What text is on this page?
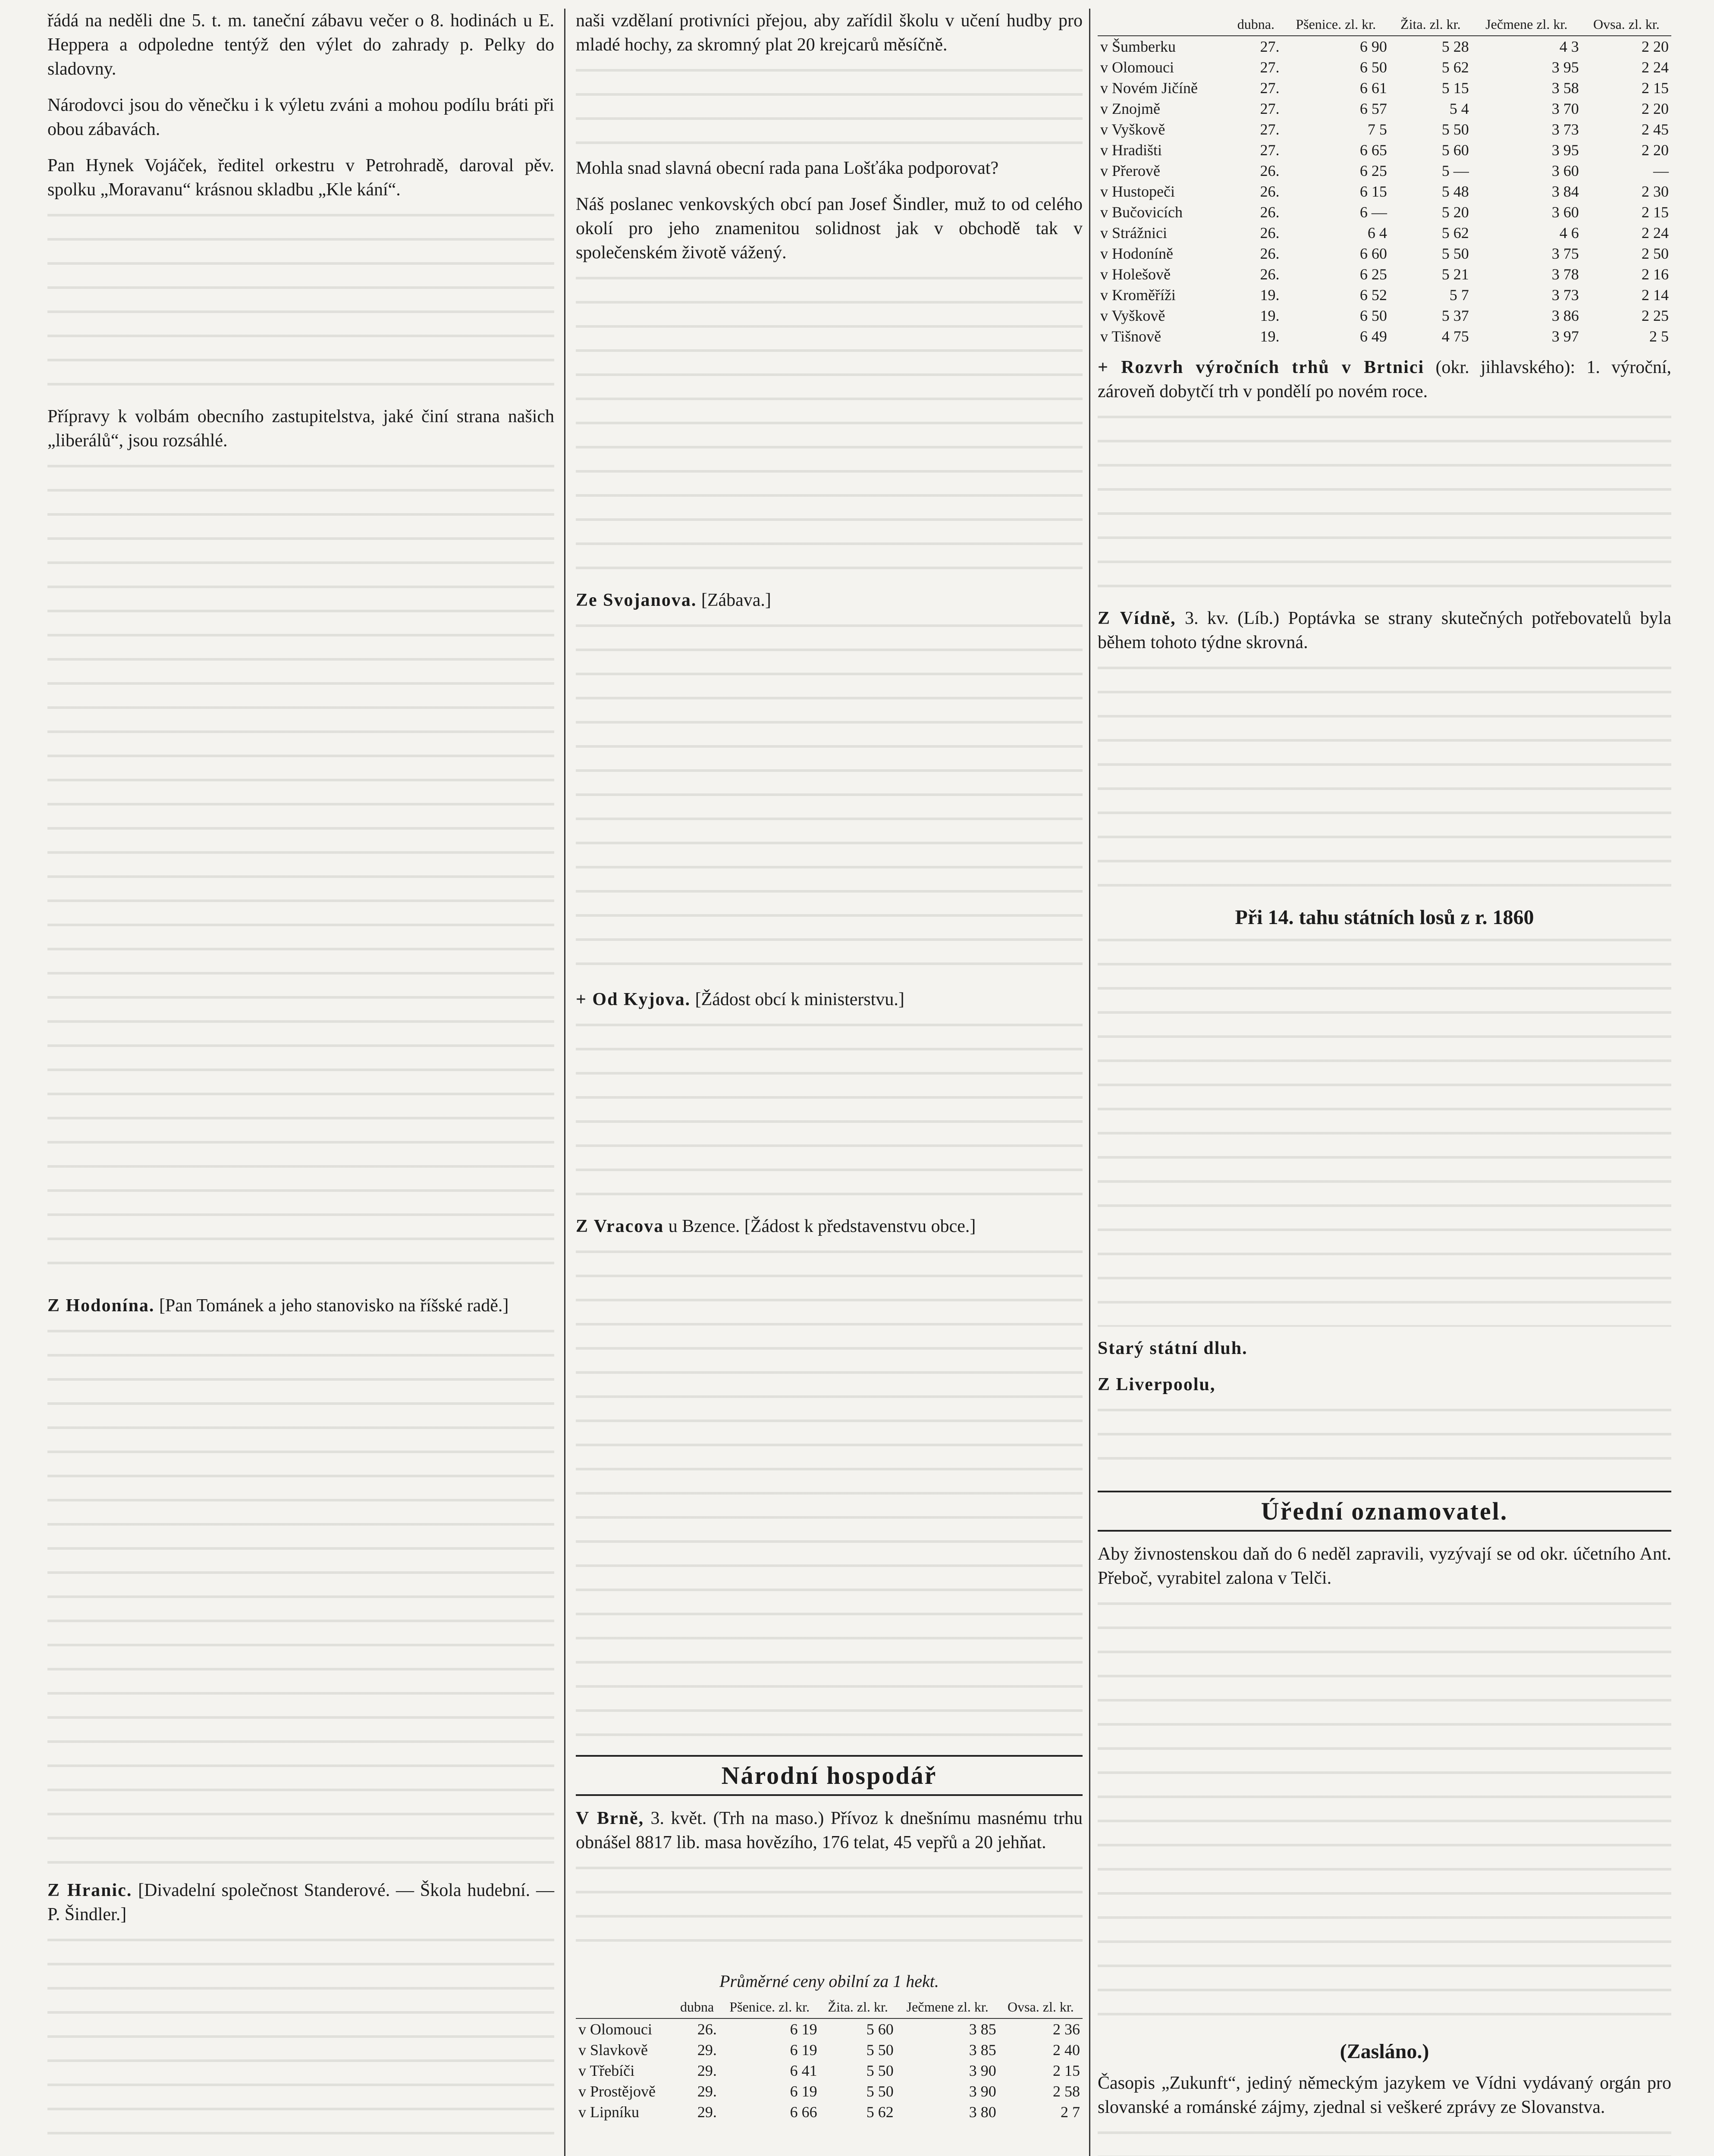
řádá na neděli dne 5. t. m. taneční zábavu večer o 8. hodinách u E. Heppera a odpoledne tentýž den výlet do zahrady p. Pelky do sladovny.

Národovci jsou do věnečku i k výletu zváni a mohou podílu bráti při obou zábavách.

Pan Hynek Vojáček, ředitel orkestru v Petrohradě, daroval pěv. spolku „Moravanu“ krásnou skladbu „Kle kání“.

Přípravy k volbám obecního zastupitelstva, jaké činí strana našich „liberálů“, jsou rozsáhlé.

Z Hodonína. [Pan Tománek a jeho stanovisko na říšské radě.]

Z Hranic. [Divadelní společnost Standerové. — Škola hudební. — P. Šindler.]

naši vzdělaní protivníci přejou, aby zařídil školu v učení hudby pro mladé hochy, za skromný plat 20 krejcarů měsíčně.

Mohla snad slavná obecní rada pana Lošťáka podporovat?

Náš poslanec venkovských obcí pan Josef Šindler, muž to od celého okolí pro jeho znamenitou solidnost jak v obchodě tak v společenském životě vážený.

Ze Svojanova. [Zábava.]

+ Od Kyjova. [Žádost obcí k ministerstvu.]

Z Vracova u Bzence. [Žádost k představenstvu obce.]

Národní hospodář

V Brně, 3. květ. (Trh na maso.) Přívoz k dnešnímu masnému trhu obnášel 8817 lib. masa hovězího, 176 telat, 45 vepřů a 20 jehňat.

Průměrné ceny obilní za 1 hekt.
	dubna	Pšenice. zl. kr.	Žita. zl. kr.	Ječmene zl. kr.	Ovsa. zl. kr.
v Olomouci	26.	6 19	5 60	3 85	2 36
v Slavkově	29.	6 19	5 50	3 85	2 40
v Třebíči	29.	6 41	5 50	3 90	2 15
v Prostějově	29.	6 19	5 50	3 90	2 58
v Lipníku	29.	6 66	5 62	3 80	2 7
	dubna.	Pšenice. zl. kr.	Žita. zl. kr.	Ječmene zl. kr.	Ovsa. zl. kr.
v Šumberku	27.	6 90	5 28	4 3	2 20
v Olomouci	27.	6 50	5 62	3 95	2 24
v Novém Jičíně	27.	6 61	5 15	3 58	2 15
v Znojmě	27.	6 57	5 4	3 70	2 20
v Vyškově	27.	7 5	5 50	3 73	2 45
v Hradišti	27.	6 65	5 60	3 95	2 20
v Přerově	26.	6 25	5 —	3 60	—
v Hustopeči	26.	6 15	5 48	3 84	2 30
v Bučovicích	26.	6 —	5 20	3 60	2 15
v Strážnici	26.	6 4	5 62	4 6	2 24
v Hodoníně	26.	6 60	5 50	3 75	2 50
v Holešově	26.	6 25	5 21	3 78	2 16
v Kroměříži	19.	6 52	5 7	3 73	2 14
v Vyškově	19.	6 50	5 37	3 86	2 25
v Tišnově	19.	6 49	4 75	3 97	2 5

+ Rozvrh výročních trhů v Brtnici (okr. jihlavského): 1. výroční, zároveň dobytčí trh v pondělí po novém roce.

Z Vídně, 3. kv. (Líb.) Poptávka se strany skutečných potřebovatelů byla během tohoto týdne skrovná.

Při 14. tahu státních losů z r. 1860

Starý státní dluh.

Z Liverpoolu,

Úřední oznamovatel.

Aby živnostenskou daň do 6 neděl zapravili, vyzývají se od okr. účetního Ant. Přeboč, vyrabitel zalona v Telči.

(Zasláno.)

Časopis „Zukunft“, jediný německým jazykem ve Vídni vydávaný orgán pro slovanské a románské zájmy, zjednal si veškeré zprávy ze Slovanstva.
